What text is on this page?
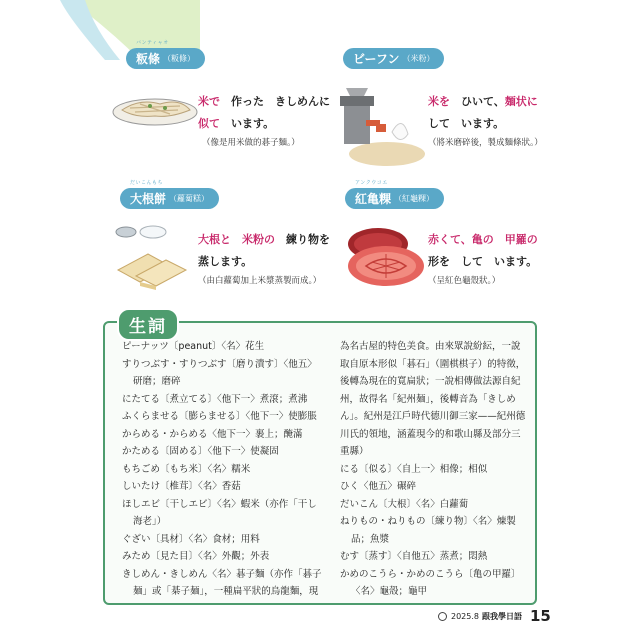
バンティャオ
粄條 （粄條）
米で　 作った　きしめんに
似て　 います。
（像是用米做的碁子麵。）
ビーフン （米粉）
米を　 ひいて、麺状に
して　います。
（將米磨碎後，製成麵條狀。）
だいこんもち
大根餅 （蘿蔔糕）
大根と　米粉の　 練り物を
蒸します。
（由白蘿蔔加上米漿蒸製而成。）
アンクウコエ
紅亀粿 （紅龜粿）
赤くて、亀の　甲羅の
形を　して　います。
（呈紅色龜殼狀。）
生詞
ピーナッツ〔peanut〕〈名〉花生
すりつぶす・すりつぶす〔磨り潰す〕〈他五〉
研磨；磨碎
にたてる〔煮立てる〕〈他下一〉煮滾；煮沸
ふくらませる〔膨らませる〕〈他下一〉使膨脹
からめる・からめる〈他下一〉裹上；醃滿
かためる〔固める〕〈他下一〉使凝固
もちごめ〔もち米〕〈名〉糯米
しいたけ〔椎茸〕〈名〉香菇
ほしエビ〔干しエビ〕〈名〉蝦米（亦作「干し
海老」）
ぐざい〔具材〕〈名〉食材；用料
みため〔見た目〕〈名〉外觀；外表
きしめん・きしめん〈名〉碁子麵（亦作「碁子
麺」或「棊子麺」，一種扁平狀的烏龍麵，現
為名古屋的特色美食。由來眾說紛紜，一說
取自原本形似「碁石」（圍棋棋子）的特徵，
後轉為現在的寬扁狀；一說相傳做法源自紀
州，故得名「紀州麺」，後轉音為「きしめ
ん」。紀州是江戶時代德川御三家——紀州德
川氏的領地，涵蓋現今的和歌山縣及部分三
重縣）
にる〔似る〕〈自上一〉相像；相似
ひく〈他五〉碾碎
だいこん〔大根〕〈名〉白蘿蔔
ねりもの・ねりもの〔練り物〕〈名〉煉製
品；魚漿
むす〔蒸す〕〈自他五〉蒸煮；悶熱
かめのこうら・かめのこうら〔亀の甲羅〕
〈名〉龜殼；龜甲
2025.8 跟我學日語 15
